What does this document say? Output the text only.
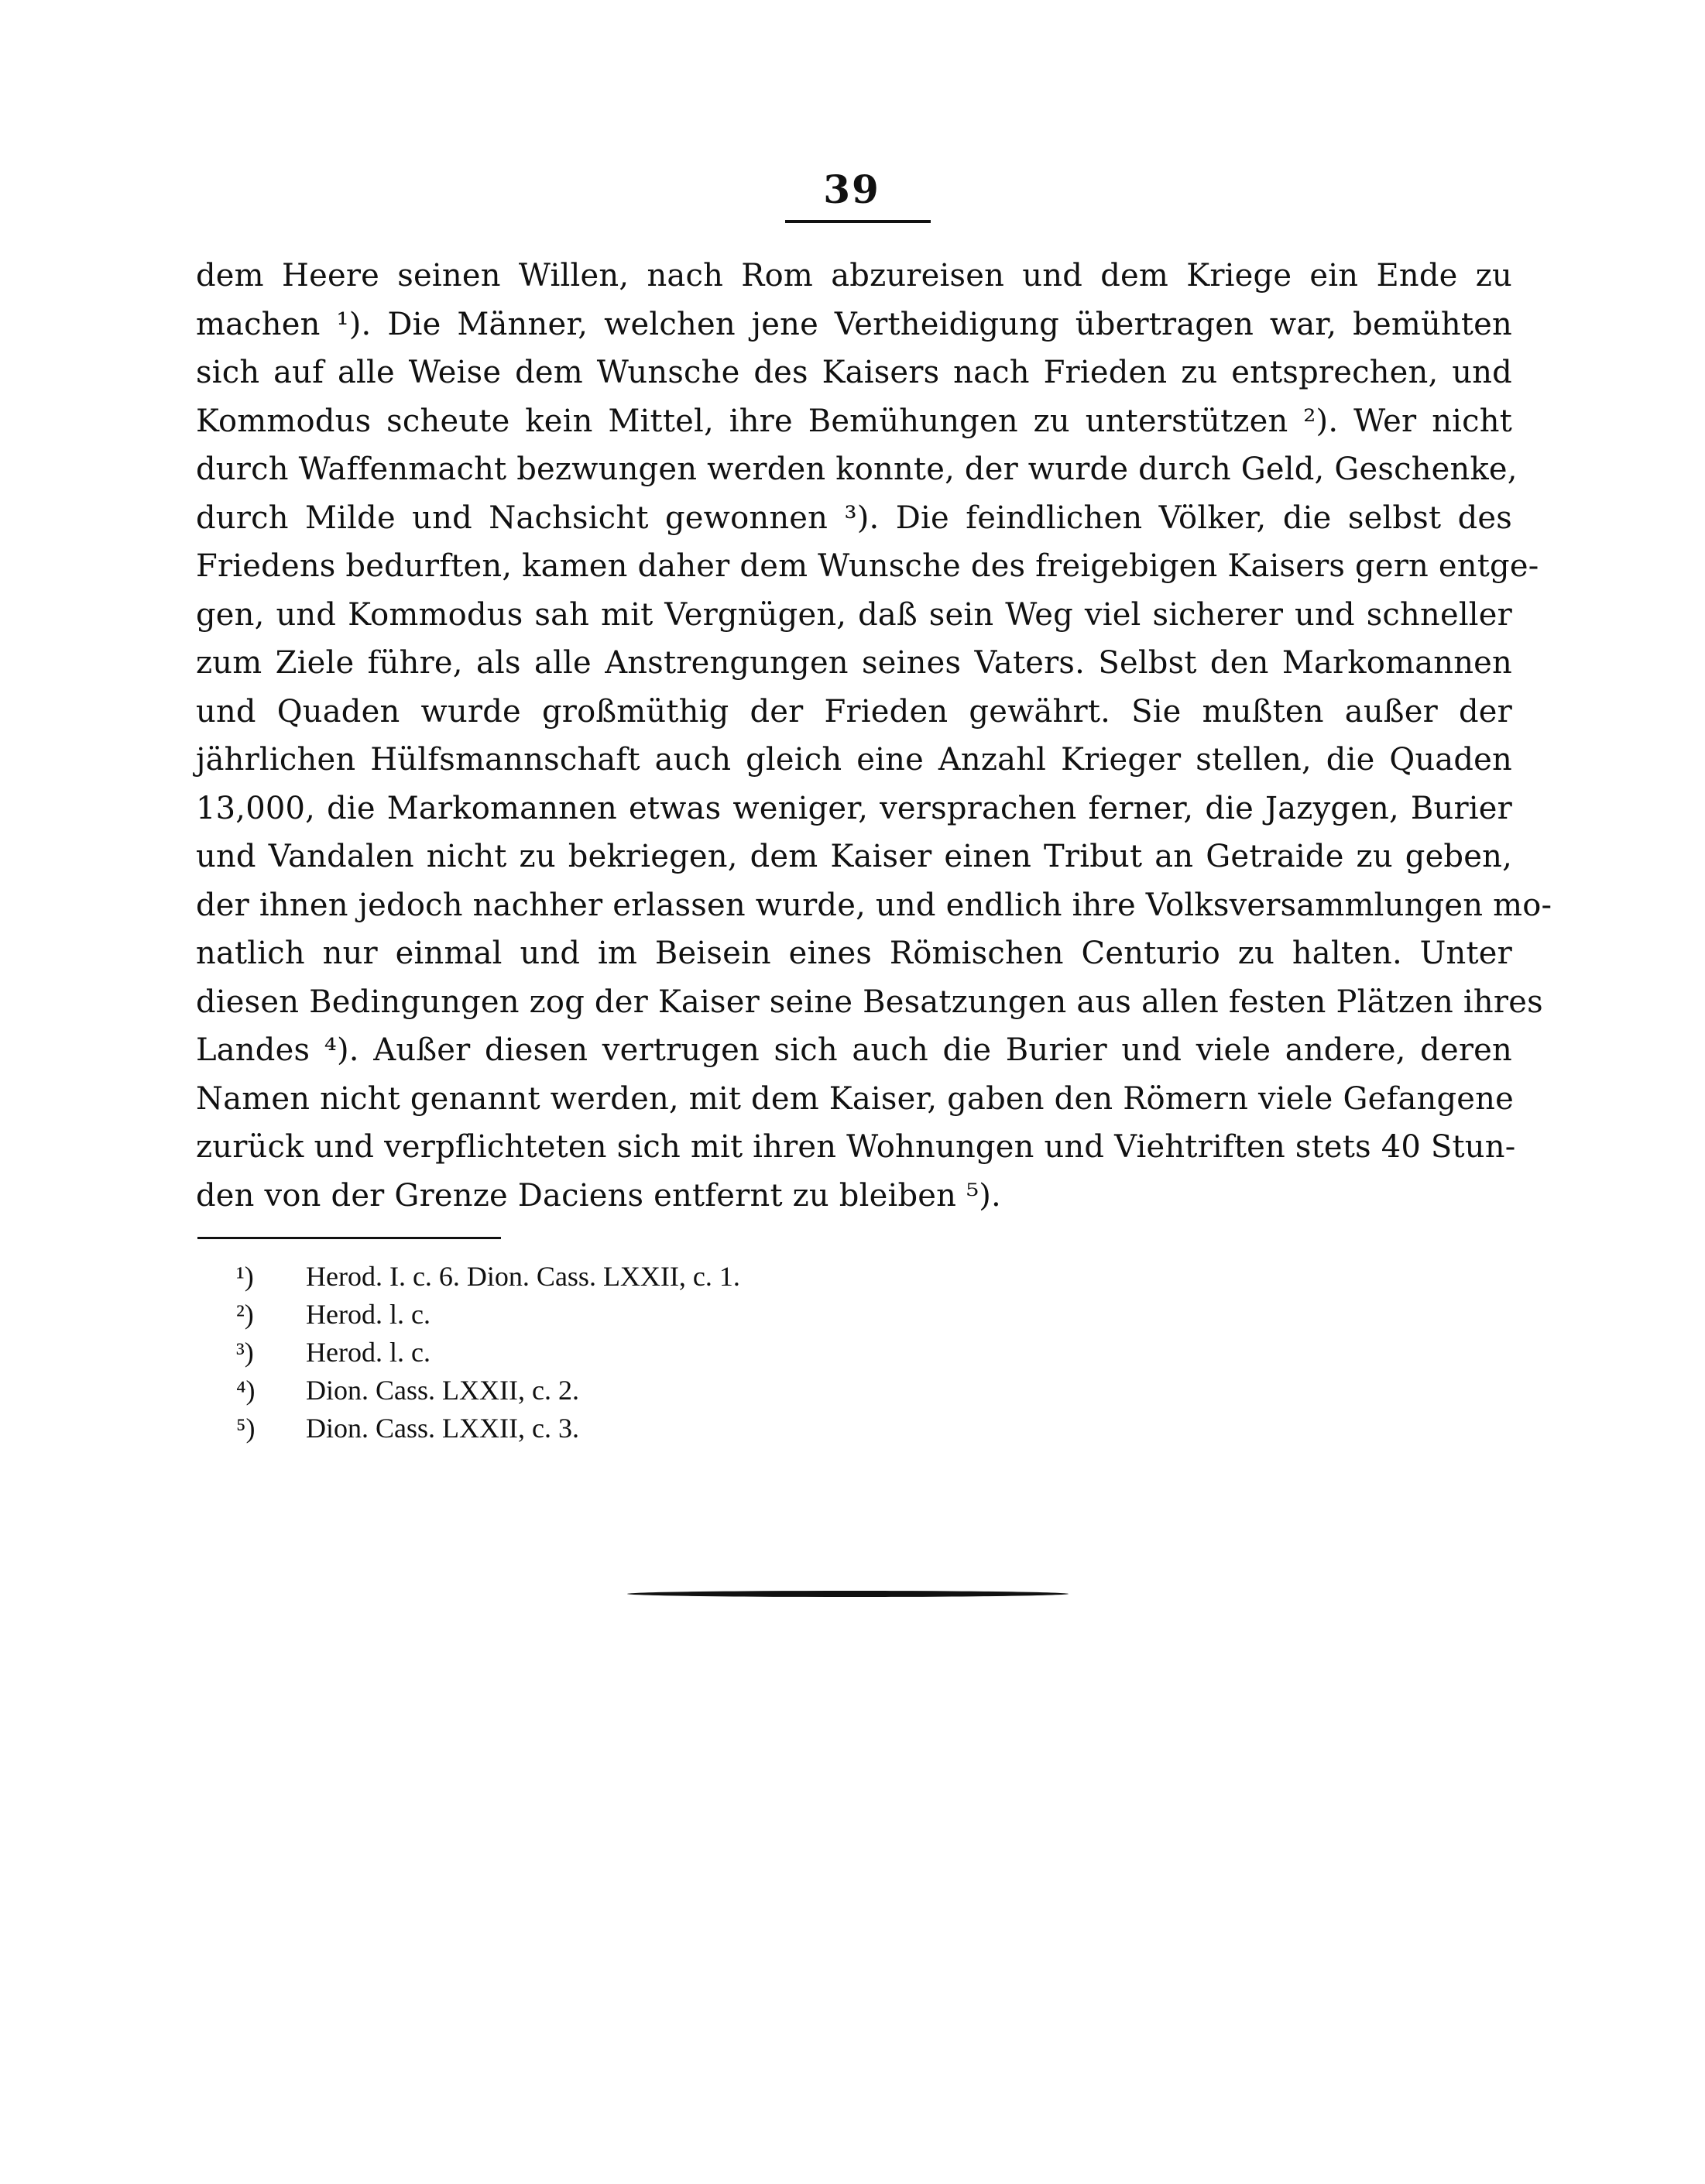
39
dem Heere seinen Willen, nach Rom abzureisen und dem Kriege ein Ende zu
machen ¹). Die Männer, welchen jene Vertheidigung übertragen war, bemühten
sich auf alle Weise dem Wunsche des Kaisers nach Frieden zu entsprechen, und
Kommodus scheute kein Mittel, ihre Bemühungen zu unterstützen ²). Wer nicht
durch Waffenmacht bezwungen werden konnte, der wurde durch Geld, Geschenke,
durch Milde und Nachsicht gewonnen ³). Die feindlichen Völker, die selbst des
Friedens bedurften, kamen daher dem Wunsche des freigebigen Kaisers gern entge-
gen, und Kommodus sah mit Vergnügen, daß sein Weg viel sicherer und schneller
zum Ziele führe, als alle Anstrengungen seines Vaters. Selbst den Markomannen
und Quaden wurde großmüthig der Frieden gewährt. Sie mußten außer der
jährlichen Hülfsmannschaft auch gleich eine Anzahl Krieger stellen, die Quaden
13,000, die Markomannen etwas weniger, versprachen ferner, die Jazygen, Burier
und Vandalen nicht zu bekriegen, dem Kaiser einen Tribut an Getraide zu geben,
der ihnen jedoch nachher erlassen wurde, und endlich ihre Volksversammlungen mo-
natlich nur einmal und im Beisein eines Römischen Centurio zu halten. Unter
diesen Bedingungen zog der Kaiser seine Besatzungen aus allen festen Plätzen ihres
Landes ⁴). Außer diesen vertrugen sich auch die Burier und viele andere, deren
Namen nicht genannt werden, mit dem Kaiser, gaben den Römern viele Gefangene
zurück und verpflichteten sich mit ihren Wohnungen und Viehtriften stets 40 Stun-
den von der Grenze Daciens entfernt zu bleiben ⁵).
¹) Herod. I. c. 6. Dion. Cass. LXXII, c. 1.
²) Herod. l. c.
³) Herod. l. c.
⁴) Dion. Cass. LXXII, c. 2.
⁵) Dion. Cass. LXXII, c. 3.
